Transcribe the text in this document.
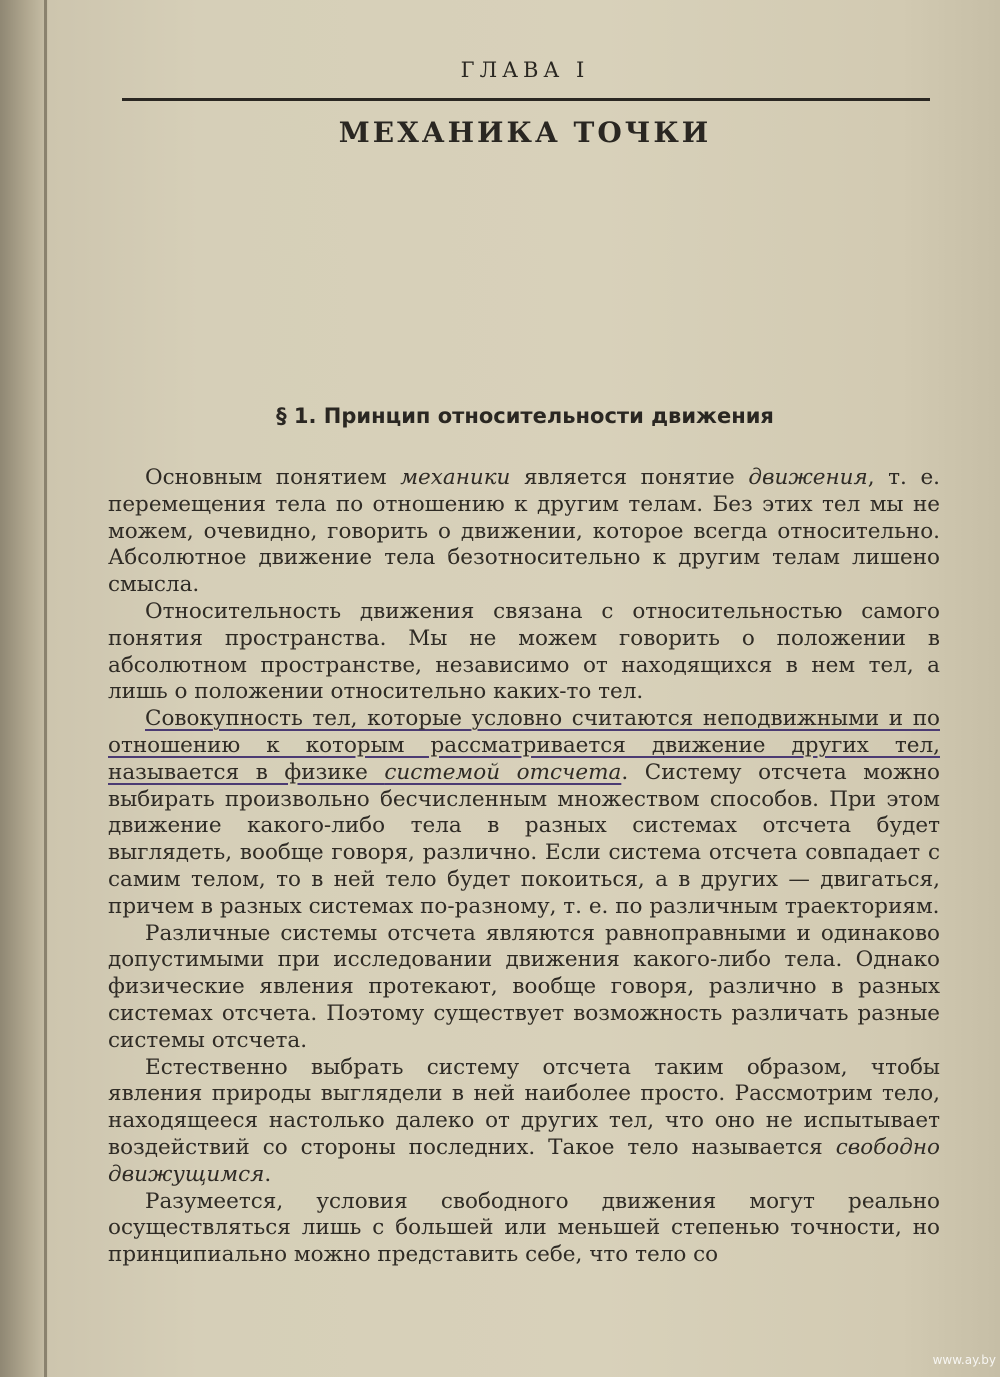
ГЛАВА I
МЕХАНИКА ТОЧКИ
§ 1. Принцип относительности движения

Основным понятием механики является понятие движения, т. е. перемещения тела по отношению к другим телам. Без этих тел мы не можем, очевидно, говорить о движении, которое всегда относительно. Абсолютное движение тела безотносительно к другим телам лишено смысла.

Относительность движения связана с относительностью самого понятия пространства. Мы не можем говорить о положении в абсолютном пространстве, независимо от находящихся в нем тел, а лишь о положении относительно каких-то тел.

Совокупность тел, которые условно считаются неподвижными и по отношению к которым рассматривается движение других тел, называется в физике системой отсчета. Систему отсчета можно выбирать произвольно бесчисленным множеством способов. При этом движение какого-либо тела в разных системах отсчета будет выглядеть, вообще говоря, различно. Если система отсчета совпадает с самим телом, то в ней тело будет покоиться, а в других — двигаться, причем в разных системах по-разному, т. е. по различным траекториям.

Различные системы отсчета являются равноправными и одинаково допустимыми при исследовании движения какого-либо тела. Однако физические явления протекают, вообще говоря, различно в разных системах отсчета. Поэтому существует возможность различать разные системы отсчета.

Естественно выбрать систему отсчета таким образом, чтобы явления природы выглядели в ней наиболее просто. Рассмотрим тело, находящееся настолько далеко от других тел, что оно не испытывает воздействий со стороны последних. Такое тело называется свободно движущимся.

Разумеется, условия свободного движения могут реально осуществляться лишь с большей или меньшей степенью точности, но принципиально можно представить себе, что тело со

www.ay.by
